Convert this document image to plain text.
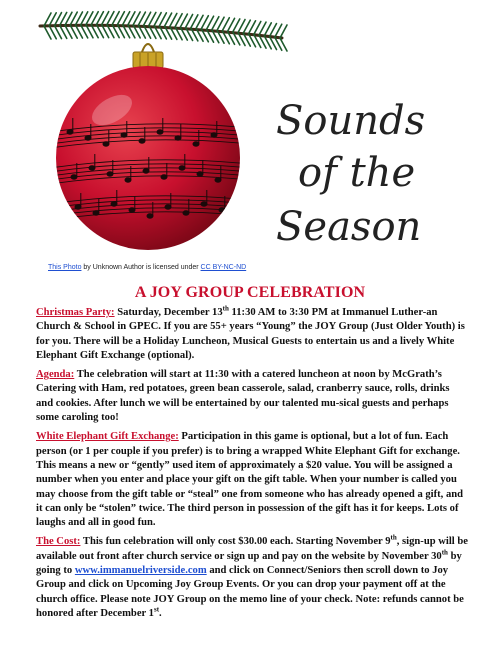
Sounds
of the
Season
This Photo by Unknown Author is licensed under CC BY-NC-ND
A JOY GROUP CELEBRATION

Christmas Party: Saturday, December 13th 11:30 AM to 3:30 PM at Immanuel Luther-an Church & School in GPEC. If you are 55+ years “Young” the JOY Group (Just Older Youth) is for you. There will be a Holiday Luncheon, Musical Guests to entertain us and a lively White Elephant Gift Exchange (optional).

Agenda: The celebration will start at 11:30 with a catered luncheon at noon by McGrath’s Catering with Ham, red potatoes, green bean casserole, salad, cranberry sauce, rolls, drinks and cookies. After lunch we will be entertained by our talented mu-sical guests and perhaps some caroling too!

White Elephant Gift Exchange: Participation in this game is optional, but a lot of fun. Each person (or 1 per couple if you prefer) is to bring a wrapped White Elephant Gift for exchange. This means a new or “gently” used item of approximately a $20 value. You will be assigned a number when you enter and place your gift on the gift table. When your number is called you may choose from the gift table or “steal” one from someone who has already opened a gift, and it can only be “stolen” twice. The third person in possession of the gift has it for keeps. Lots of laughs and all in good fun.

The Cost: This fun celebration will only cost $30.00 each. Starting November 9th, sign-up will be available out front after church service or sign up and pay on the website by November 30th by going to www.immanuelriverside.com and click on Connect/Seniors then scroll down to Joy Group and click on Upcoming Joy Group Events. Or you can drop your payment off at the church office. Please note JOY Group on the memo line of your check. Note: refunds cannot be honored after December 1st.
